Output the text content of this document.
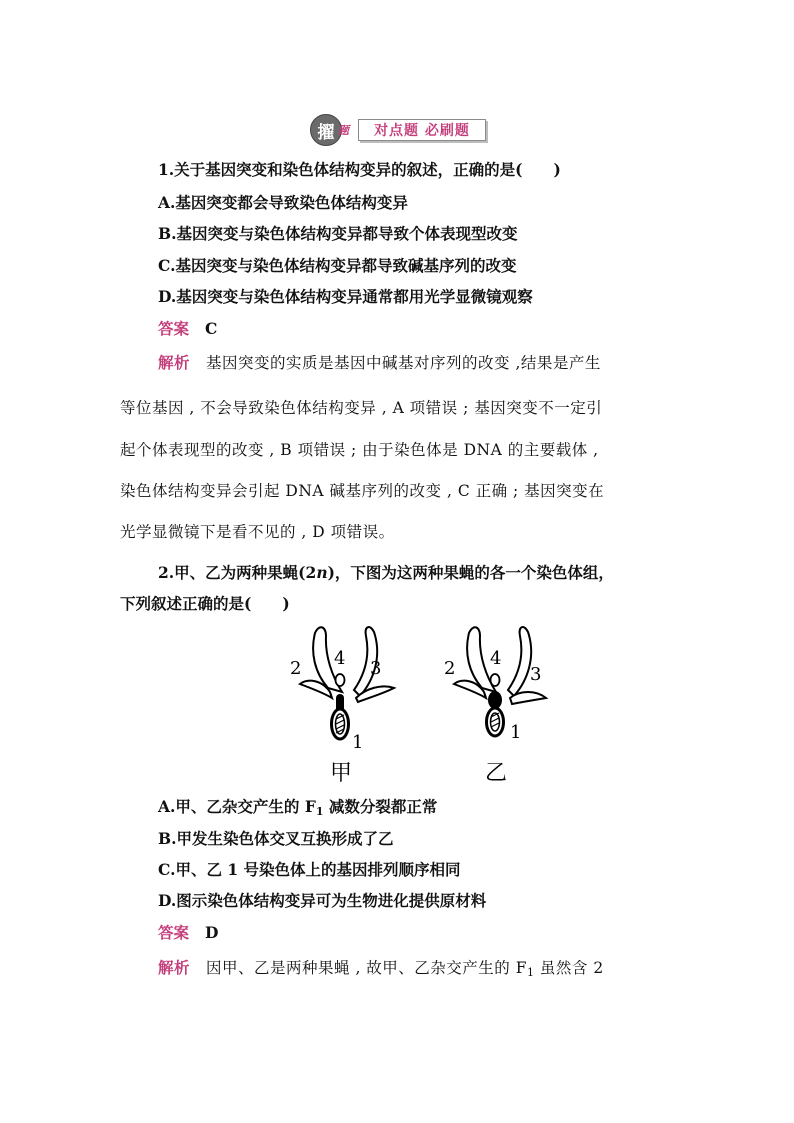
擢 题	对点题 必刷题
1.关于基因突变和染色体结构变异的叙述，正确的是(　　)
A.基因突变都会导致染色体结构变异
B.基因突变与染色体结构变异都导致个体表现型改变
C.基因突变与染色体结构变异都导致碱基序列的改变
D.基因突变与染色体结构变异通常都用光学显微镜观察
答案 C
解析 基因突变的实质是基因中碱基对序列的改变 ,结果是产生
等位基因 , 不会导致染色体结构变异 , A 项错误 ; 基因突变不一定引
起个体表现型的改变 , B 项错误 ; 由于染色体是 DNA 的主要载体 ,
染色体结构变异会引起 DNA 碱基序列的改变 , C 正确 ; 基因突变在
光学显微镜下是看不见的 , D 项错误。
2.甲、乙为两种果蝇(2n)，下图为这两种果蝇的各一个染色体组，
下列叙述正确的是(　　)
2 4 3
1
甲
2 4
3
1
乙
A.甲、乙杂交产生的 $F_1$ 减数分裂都正常
B.甲发生染色体交叉互换形成了乙
C.甲、乙 1 号染色体上的基因排列顺序相同
D.图示染色体结构变异可为生物进化提供原材料
答案 D
解析 因甲、乙是两种果蝇 , 故甲、乙杂交产生的 $F_1$ 虽然含 2
